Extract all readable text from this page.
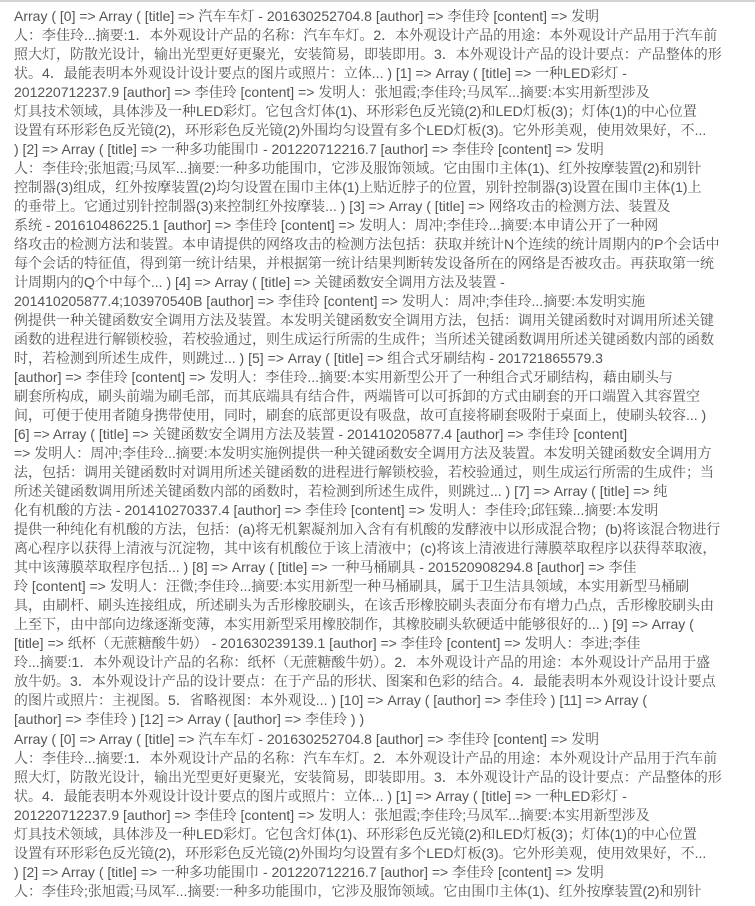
Array ( [0] => Array ( [title] => 汽车车灯 - 201630252704.8 [author] => 李佳玲 [content] => 发明
人：李佳玲...摘要:1．本外观设计产品的名称：汽车车灯。2．本外观设计产品的用途：本外观设计产品用于汽车前
照大灯，防散光设计，输出光型更好更聚光，安装简易，即装即用。3．本外观设计产品的设计要点：产品整体的形
状。4．最能表明本外观设计设计要点的图片或照片：立体... ) [1] => Array ( [title] => 一种LED彩灯 -
201220712237.9 [author] => 李佳玲 [content] => 发明人：张旭霞;李佳玲;马凤军...摘要:本实用新型涉及
灯具技术领域，具体涉及一种LED彩灯。它包含灯体(1)、环形彩色反光镜(2)和LED灯板(3)；灯体(1)的中心位置
设置有环形彩色反光镜(2)，环形彩色反光镜(2)外围均匀设置有多个LED灯板(3)。它外形美观，使用效果好，不...
) [2] => Array ( [title] => 一种多功能围巾 - 201220712216.7 [author] => 李佳玲 [content] => 发明
人：李佳玲;张旭霞;马凤军...摘要:一种多功能围巾，它涉及服饰领域。它由围巾主体(1)、红外按摩装置(2)和别针
控制器(3)组成，红外按摩装置(2)均匀设置在围巾主体(1)上贴近脖子的位置，别针控制器(3)设置在围巾主体(1)上
的垂带上。它通过别针控制器(3)来控制红外按摩装... ) [3] => Array ( [title] => 网络攻击的检测方法、装置及
系统 - 201610486225.1 [author] => 李佳玲 [content] => 发明人：周冲;李佳玲...摘要:本申请公开了一种网
络攻击的检测方法和装置。本申请提供的网络攻击的检测方法包括：获取并统计N个连续的统计周期内的P个会话中
每个会话的特征值，得到第一统计结果，并根据第一统计结果判断转发设备所在的网络是否被攻击。再获取第一统
计周期内的Q个中每个... ) [4] => Array ( [title] => 关键函数安全调用方法及装置 -
201410205877.4;103970540B [author] => 李佳玲 [content] => 发明人：周冲;李佳玲...摘要:本发明实施
例提供一种关键函数安全调用方法及装置。本发明关键函数安全调用方法，包括：调用关键函数时对调用所述关键
函数的进程进行解锁校验，若校验通过，则生成运行所需的生成件；当所述关键函数调用所述关键函数内部的函数
时，若检测到所述生成件，则跳过... ) [5] => Array ( [title] => 组合式牙刷结构 - 201721865579.3
[author] => 李佳玲 [content] => 发明人：李佳玲...摘要:本实用新型公开了一种组合式牙刷结构，藉由刷头与
刷套所构成，刷头前端为刷毛部，而其底端具有结合件，两端皆可以可拆卸的方式由刷套的开口端置入其容置空
间，可便于使用者随身携带使用，同时，刷套的底部更设有吸盘，故可直接将刷套吸附于桌面上，使刷头较容... )
[6] => Array ( [title] => 关键函数安全调用方法及装置 - 201410205877.4 [author] => 李佳玲 [content]
=> 发明人：周冲;李佳玲...摘要:本发明实施例提供一种关键函数安全调用方法及装置。本发明关键函数安全调用方
法，包括：调用关键函数时对调用所述关键函数的进程进行解锁校验，若校验通过，则生成运行所需的生成件；当
所述关键函数调用所述关键函数内部的函数时，若检测到所述生成件，则跳过... ) [7] => Array ( [title] => 纯
化有机酸的方法 - 201410270337.4 [author] => 李佳玲 [content] => 发明人：李佳玲;邱钰臻...摘要:本发明
提供一种纯化有机酸的方法，包括：(a)将无机絮凝剂加入含有有机酸的发酵液中以形成混合物；(b)将该混合物进行
离心程序以获得上清液与沉淀物，其中该有机酸位于该上清液中；(c)将该上清液进行薄膜萃取程序以获得萃取液，
其中该薄膜萃取程序包括... ) [8] => Array ( [title] => 一种马桶刷具 - 201520908294.8 [author] => 李佳
玲 [content] => 发明人：汪微;李佳玲...摘要:本实用新型一种马桶刷具，属于卫生洁具领域，本实用新型马桶刷
具，由刷杆、刷头连接组成，所述刷头为舌形橡胶刷头，在该舌形橡胶刷头表面分布有增力凸点，舌形橡胶刷头由
上至下，由中部向边缘逐渐变薄，本实用新型采用橡胶制作，其橡胶刷头软硬适中能够很好的... ) [9] => Array (
[title] => 纸杯（无蔗糖酸牛奶） - 201630239139.1 [author] => 李佳玲 [content] => 发明人：李进;李佳
玲...摘要:1．本外观设计产品的名称：纸杯（无蔗糖酸牛奶）。2．本外观设计产品的用途：本外观设计产品用于盛
放牛奶。3．本外观设计产品的设计要点：在于产品的形状、图案和色彩的结合。4．最能表明本外观设计设计要点
的图片或照片：主视图。5．省略视图：本外观设... ) [10] => Array ( [author] => 李佳玲 ) [11] => Array (
[author] => 李佳玲 ) [12] => Array ( [author] => 李佳玲 ) )
Array ( [0] => Array ( [title] => 汽车车灯 - 201630252704.8 [author] => 李佳玲 [content] => 发明
人：李佳玲...摘要:1．本外观设计产品的名称：汽车车灯。2．本外观设计产品的用途：本外观设计产品用于汽车前
照大灯，防散光设计，输出光型更好更聚光，安装简易，即装即用。3．本外观设计产品的设计要点：产品整体的形
状。4．最能表明本外观设计设计要点的图片或照片：立体... ) [1] => Array ( [title] => 一种LED彩灯 -
201220712237.9 [author] => 李佳玲 [content] => 发明人：张旭霞;李佳玲;马凤军...摘要:本实用新型涉及
灯具技术领域，具体涉及一种LED彩灯。它包含灯体(1)、环形彩色反光镜(2)和LED灯板(3)；灯体(1)的中心位置
设置有环形彩色反光镜(2)，环形彩色反光镜(2)外围均匀设置有多个LED灯板(3)。它外形美观，使用效果好，不...
) [2] => Array ( [title] => 一种多功能围巾 - 201220712216.7 [author] => 李佳玲 [content] => 发明
人：李佳玲;张旭霞;马凤军...摘要:一种多功能围巾，它涉及服饰领域。它由围巾主体(1)、红外按摩装置(2)和别针
